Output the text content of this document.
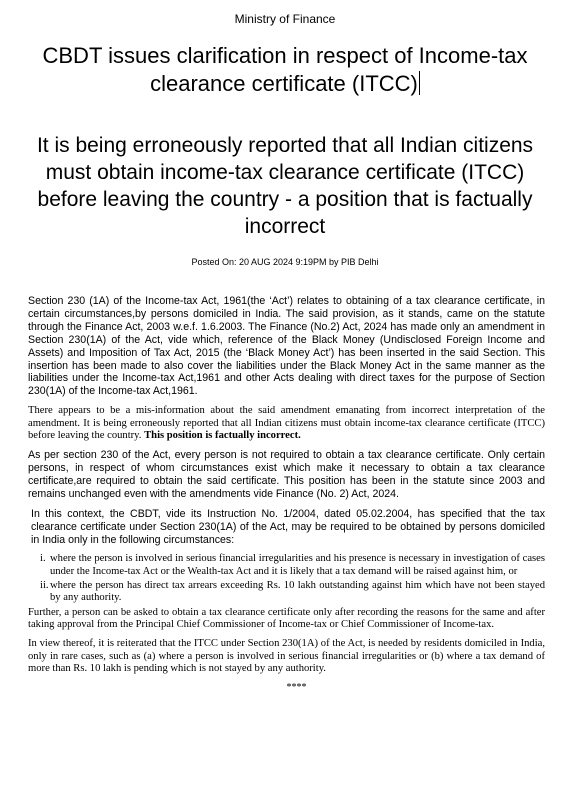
Ministry of Finance
CBDT issues clarification in respect of Income-tax clearance certificate (ITCC)
It is being erroneously reported that all Indian citizens must obtain income-tax clearance certificate (ITCC) before leaving the country - a position that is factually incorrect
Posted On: 20 AUG 2024 9:19PM by PIB Delhi

Section 230 (1A) of the Income-tax Act, 1961(the ‘Act’) relates to obtaining of a tax clearance certificate, in certain circumstances,by persons domiciled in India. The said provision, as it stands, came on the statute through the Finance Act, 2003 w.e.f. 1.6.2003. The Finance (No.2) Act, 2024 has made only an amendment in Section 230(1A) of the Act, vide which, reference of the Black Money (Undisclosed Foreign Income and Assets) and Imposition of Tax Act, 2015 (the ‘Black Money Act’) has been inserted in the said Section. This insertion has been made to also cover the liabilities under the Black Money Act in the same manner as the liabilities under the Income-tax Act,1961 and other Acts dealing with direct taxes for the purpose of Section 230(1A) of the Income-tax Act,1961.

There appears to be a mis-information about the said amendment emanating from incorrect interpretation of the amendment. It is being erroneously reported that all Indian citizens must obtain income-tax clearance certificate (ITCC) before leaving the country. This position is factually incorrect.

As per section 230 of the Act, every person is not required to obtain a tax clearance certificate. Only certain persons, in respect of whom circumstances exist which make it necessary to obtain a tax clearance certificate,are required to obtain the said certificate. This position has been in the statute since 2003 and remains unchanged even with the amendments vide Finance (No. 2) Act, 2024.

In this context, the CBDT, vide its Instruction No. 1/2004, dated 05.02.2004, has specified that the tax clearance certificate under Section 230(1A) of the Act, may be required to be obtained by persons domiciled in India only in the following circumstances:

i. where the person is involved in serious financial irregularities and his presence is necessary in investigation of cases under the Income-tax Act or the Wealth-tax Act and it is likely that a tax demand will be raised against him, or
ii. where the person has direct tax arrears exceeding Rs. 10 lakh outstanding against him which have not been stayed by any authority.

Further, a person can be asked to obtain a tax clearance certificate only after recording the reasons for the same and after taking approval from the Principal Chief Commissioner of Income-tax or Chief Commissioner of Income-tax.

In view thereof, it is reiterated that the ITCC under Section 230(1A) of the Act, is needed by residents domiciled in India, only in rare cases, such as (a) where a person is involved in serious financial irregularities or (b) where a tax demand of more than Rs. 10 lakh is pending which is not stayed by any authority.

****
